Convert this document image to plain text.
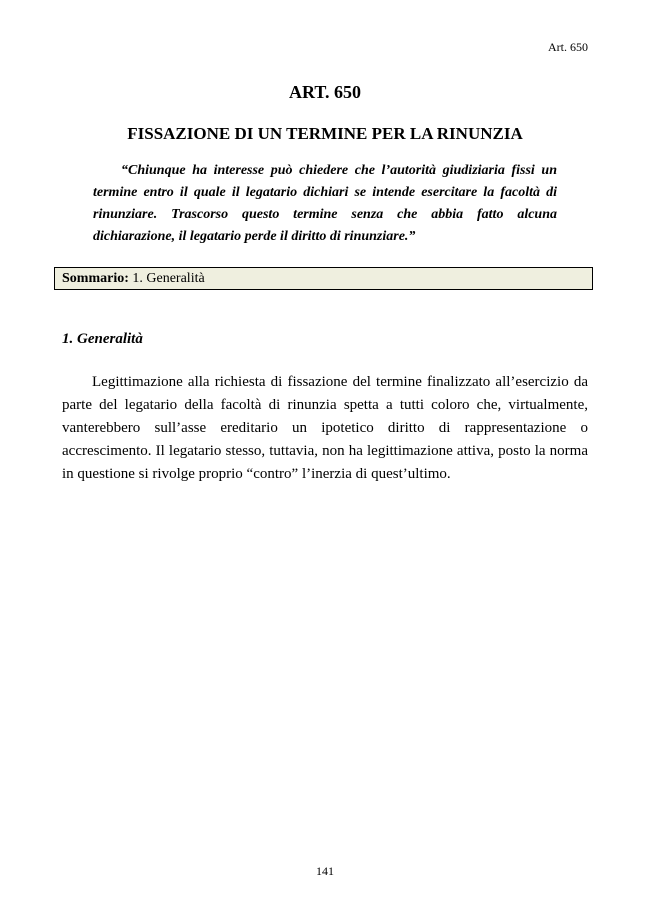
Art. 650
ART. 650
FISSAZIONE DI UN TERMINE PER LA RINUNZIA

“Chiunque ha interesse può chiedere che l’autorità giudiziaria fissi un termine entro il quale il legatario dichiari se intende esercitare la facoltà di rinunziare. Trascorso questo termine senza che abbia fatto alcuna dichiarazione, il legatario perde il diritto di rinunziare.”

Sommario: 1. Generalità
1. Generalità

Legittimazione alla richiesta di fissazione del termine finalizzato all’esercizio da parte del legatario della facoltà di rinunzia spetta a tutti coloro che, virtualmente, vanterebbero sull’asse ereditario un ipotetico diritto di rappresentazione o accrescimento. Il legatario stesso, tuttavia, non ha legittimazione attiva, posto la norma in questione si rivolge proprio “contro” l’inerzia di quest’ultimo.

141
